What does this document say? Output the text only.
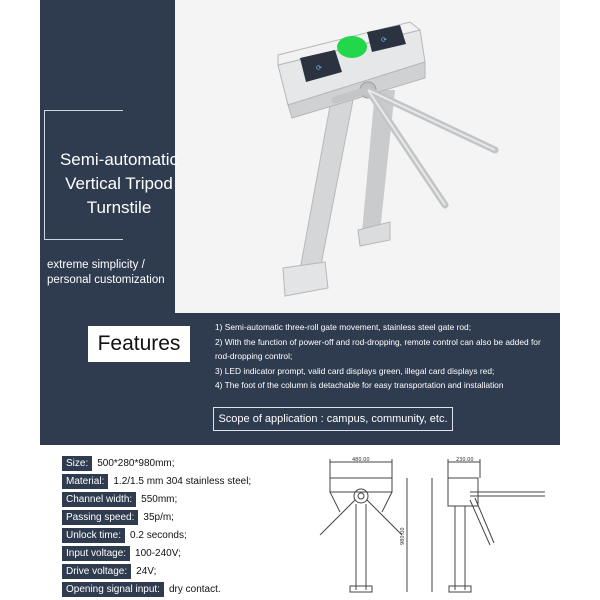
⟳
⟳
Semi-automatic
Vertical Tripod
Turnstile
extreme simplicity /
personal customization
Features
1) Semi-automatic three-roll gate movement, stainless steel gate rod;
2) With the function of power-off and rod-dropping, remote control can also be added for rod-dropping control;
3) LED indicator prompt, valid card displays green, illegal card displays red;
4) The foot of the column is detachable for easy transportation and installation
Scope of application : campus, community, etc.
Size: 500*280*980mm;
Material: 1.2/1.5 mm 304 stainless steel;
Channel width: 550mm;
Passing speed: 35p/m;
Unlock time: 0.2 seconds;
Input voltage: 100-240V;
Drive voltage: 24V;
Opening signal input: dry contact.
480.00	230.00
980.00
